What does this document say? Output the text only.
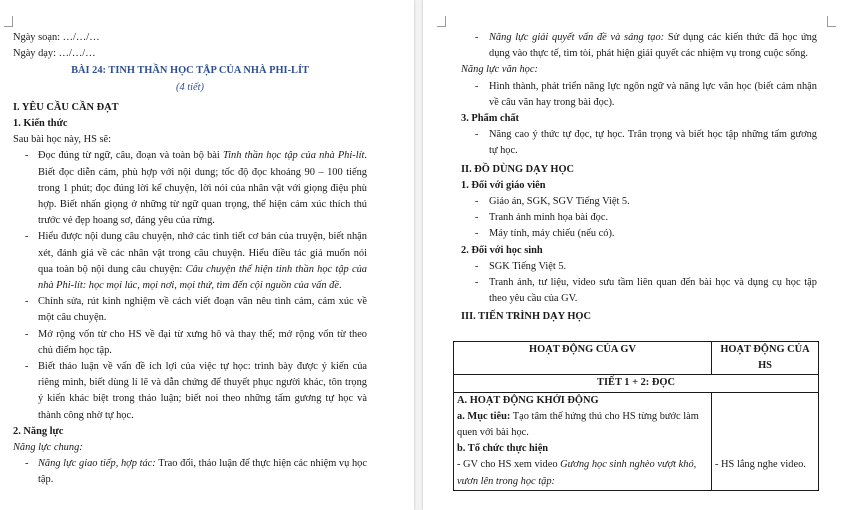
Ngày soạn: …/…/…

Ngày dạy: …/…/…

BÀI 24: TINH THẦN HỌC TẬP CỦA NHÀ PHI-LÍT

(4 tiết)

I. YÊU CẦU CẦN ĐẠT

1. Kiến thức

Sau bài học này, HS sẽ:

- Đọc đúng từ ngữ, câu, đoạn và toàn bộ bài Tinh thần học tập của nhà Phi-lít. Biết đọc diễn cảm, phù hợp với nội dung; tốc độ đọc khoảng 90 – 100 tiếng trong 1 phút; đọc đúng lời kể chuyện, lời nói của nhân vật với giọng điệu phù hợp. Biết nhấn giọng ở những từ ngữ quan trọng, thể hiện cảm xúc thích thú trước vẻ đẹp hoang sơ, đáng yêu của rừng.
- Hiểu được nội dung câu chuyện, nhớ các tình tiết cơ bản của truyện, biết nhận xét, đánh giá về các nhân vật trong câu chuyện. Hiểu điều tác giả muốn nói qua toàn bộ nội dung câu chuyện: Câu chuyện thể hiện tinh thần học tập của nhà Phi-lít: học mọi lúc, mọi nơi, mọi thứ, tìm đến cội nguồn của vấn đề.
- Chỉnh sửa, rút kinh nghiệm về cách viết đoạn văn nêu tình cảm, cảm xúc về một câu chuyện.
- Mở rộng vốn từ cho HS về đại từ xưng hô và thay thế; mở rộng vốn từ theo chủ điểm học tập.
- Biết thảo luận về vấn đề ích lợi của việc tự học: trình bày được ý kiến của riêng mình, biết dùng lí lẽ và dẫn chứng để thuyết phục người khác, tôn trọng ý kiến khác biệt trong thảo luận; biết noi theo những tấm gương tự học và thành công nhờ tự học.

2. Năng lực

Năng lực chung:

- Năng lực giao tiếp, hợp tác: Trao đổi, thảo luận để thực hiện các nhiệm vụ học tập.
- Năng lực giải quyết vấn đề và sáng tạo: Sử dụng các kiến thức đã học ứng dụng vào thực tế, tìm tòi, phát hiện giải quyết các nhiệm vụ trong cuộc sống.

Năng lực văn học:

- Hình thành, phát triển năng lực ngôn ngữ và năng lực văn học (biết cảm nhận về câu văn hay trong bài đọc).

3. Phẩm chất

- Năng cao ý thức tự đọc, tự học. Trân trọng và biết học tập những tấm gương tự học.

II. ĐỒ DÙNG DẠY HỌC

1. Đối với giáo viên

- Giáo án, SGK, SGV Tiếng Việt 5.
- Tranh ảnh minh họa bài đọc.
- Máy tính, máy chiếu (nếu có).

2. Đối với học sinh

- SGK Tiếng Việt 5.
- Tranh ảnh, tư liệu, video sưu tầm liên quan đến bài học và dụng cụ học tập theo yêu cầu của GV.

III. TIẾN TRÌNH DẠY HỌC

HOẠT ĐỘNG CỦA GV	HOẠT ĐỘNG CỦA HS
TIẾT 1 + 2: ĐỌC	

A. HOẠT ĐỘNG KHỞI ĐỘNG

a. Mục tiêu: Tạo tâm thế hứng thú cho HS từng bước làm quen với bài học.

b. Tổ chức thực hiện

- GV cho HS xem video Gương học sinh nghèo vượt khó, vươn lên trong học tập:	- HS lắng nghe video.
